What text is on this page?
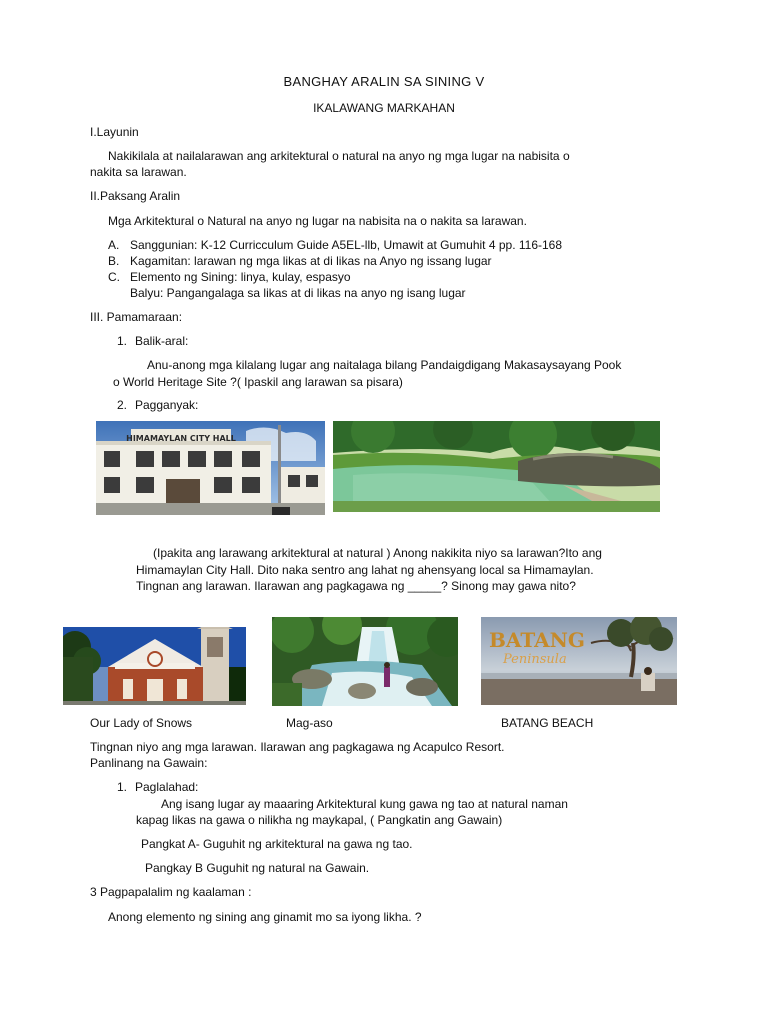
BANGHAY ARALIN SA SINING V
IKALAWANG MARKAHAN
I.Layunin
Nakikilala at nailalarawan ang arkitektural o natural na anyo ng mga lugar na nabisita o
nakita sa larawan.
II.Paksang Aralin
Mga Arkitektural o Natural na anyo ng lugar na nabisita na o nakita sa larawan.
A. Sanggunian: K-12 Curricculum Guide A5EL-llb, Umawit at Gumuhit 4 pp. 116-168
B. Kagamitan: larawan ng mga likas at di likas na Anyo ng issang lugar
C. Elemento ng Sining: linya, kulay, espasyo
Balyu: Pangangalaga sa likas at di likas na anyo ng isang lugar
III. Pamamaraan:
1. Balik-aral:
Anu-anong mga kilalang lugar ang naitalaga bilang Pandaigdigang Makasaysayang Pook
o World Heritage Site ?( Ipaskil ang larawan sa pisara)
2. Pagganyak:
HIMAMAYLAN CITY HALL
(Ipakita ang larawang arkitektural at natural ) Anong nakikita niyo sa larawan?Ito ang
Himamaylan City Hall. Dito naka sentro ang lahat ng ahensyang local sa Himamaylan.
Tingnan ang larawan. Ilarawan ang pagkagawa ng _____? Sinong may gawa nito?
BATANG
Peninsula
Our Lady of Snows	Mag-aso	BATANG BEACH
Tingnan niyo ang mga larawan. Ilarawan ang pagkagawa ng Acapulco Resort.
Panlinang na Gawain:
1. Paglalahad:
Ang isang lugar ay maaaring Arkitektural kung gawa ng tao at natural naman
kapag likas na gawa o nilikha ng maykapal, ( Pangkatin ang Gawain)
Pangkat A- Guguhit ng arkitektural na gawa ng tao.
Pangkay B Guguhit ng natural na Gawain.
3 Pagpapalalim ng kaalaman :
Anong elemento ng sining ang ginamit mo sa iyong likha. ?
